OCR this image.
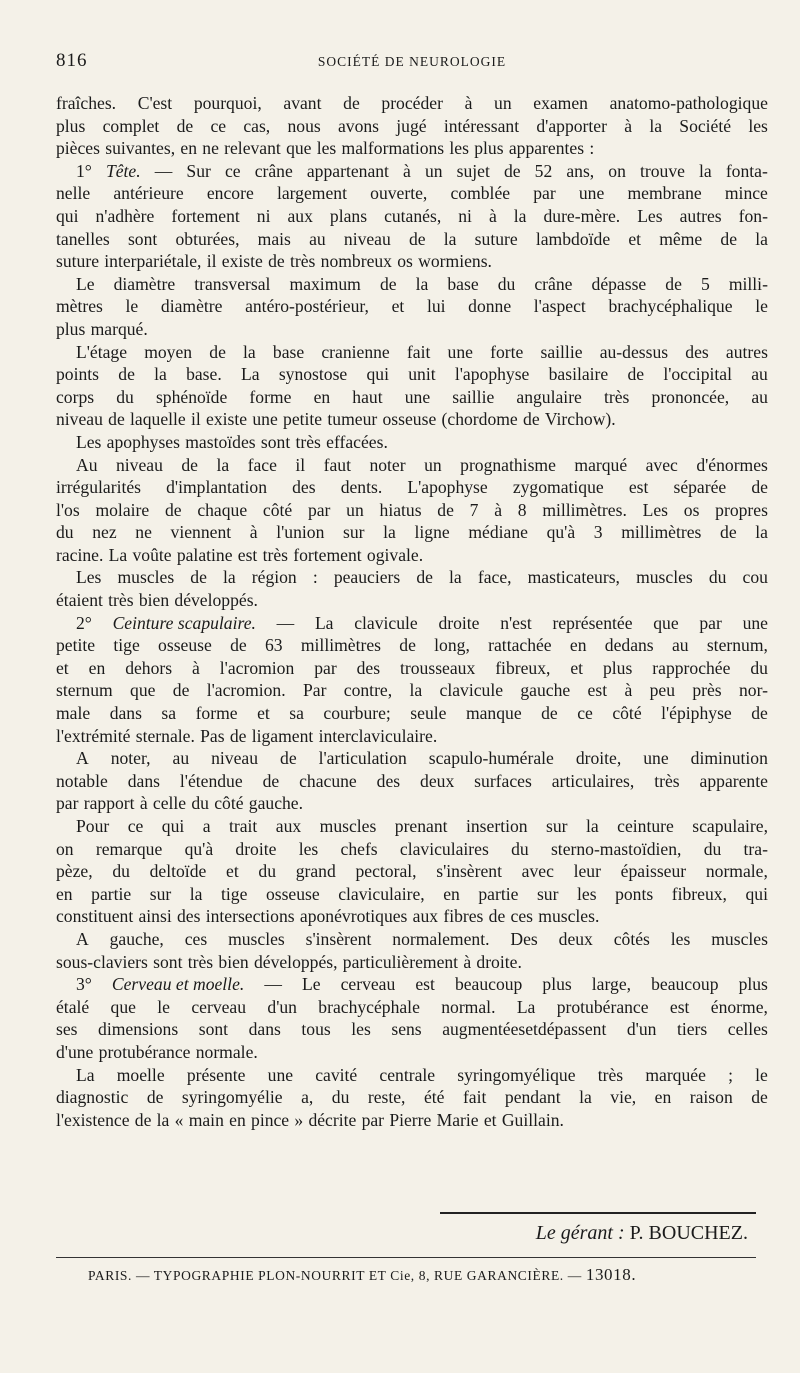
816	SOCIÉTÉ DE NEUROLOGIE
fraîches. C'est pourquoi, avant de procéder à un examen anatomo-pathologique
plus complet de ce cas, nous avons jugé intéressant d'apporter à la Société les
pièces suivantes, en ne relevant que les malformations les plus apparentes :
1° Tête. — Sur ce crâne appartenant à un sujet de 52 ans, on trouve la fonta-
nelle antérieure encore largement ouverte, comblée par une membrane mince
qui n'adhère fortement ni aux plans cutanés, ni à la dure-mère. Les autres fon-
tanelles sont obturées, mais au niveau de la suture lambdoïde et même de la
suture interpariétale, il existe de très nombreux os wormiens.
Le diamètre transversal maximum de la base du crâne dépasse de 5 milli-
mètres le diamètre antéro-postérieur, et lui donne l'aspect brachycéphalique le
plus marqué.
L'étage moyen de la base cranienne fait une forte saillie au-dessus des autres
points de la base. La synostose qui unit l'apophyse basilaire de l'occipital au
corps du sphénoïde forme en haut une saillie angulaire très prononcée, au
niveau de laquelle il existe une petite tumeur osseuse (chordome de Virchow).
Les apophyses mastoïdes sont très effacées.
Au niveau de la face il faut noter un prognathisme marqué avec d'énormes
irrégularités d'implantation des dents. L'apophyse zygomatique est séparée de
l'os molaire de chaque côté par un hiatus de 7 à 8 millimètres. Les os propres
du nez ne viennent à l'union sur la ligne médiane qu'à 3 millimètres de la
racine. La voûte palatine est très fortement ogivale.
Les muscles de la région : peauciers de la face, masticateurs, muscles du cou
étaient très bien développés.
2° Ceinture scapulaire. — La clavicule droite n'est représentée que par une
petite tige osseuse de 63 millimètres de long, rattachée en dedans au sternum,
et en dehors à l'acromion par des trousseaux fibreux, et plus rapprochée du
sternum que de l'acromion. Par contre, la clavicule gauche est à peu près nor-
male dans sa forme et sa courbure; seule manque de ce côté l'épiphyse de
l'extrémité sternale. Pas de ligament interclaviculaire.
A noter, au niveau de l'articulation scapulo-humérale droite, une diminution
notable dans l'étendue de chacune des deux surfaces articulaires, très apparente
par rapport à celle du côté gauche.
Pour ce qui a trait aux muscles prenant insertion sur la ceinture scapulaire,
on remarque qu'à droite les chefs claviculaires du sterno-mastoïdien, du tra-
pèze, du deltoïde et du grand pectoral, s'insèrent avec leur épaisseur normale,
en partie sur la tige osseuse claviculaire, en partie sur les ponts fibreux, qui
constituent ainsi des intersections aponévrotiques aux fibres de ces muscles.
A gauche, ces muscles s'insèrent normalement. Des deux côtés les muscles
sous-claviers sont très bien développés, particulièrement à droite.
3° Cerveau et moelle. — Le cerveau est beaucoup plus large, beaucoup plus
étalé que le cerveau d'un brachycéphale normal. La protubérance est énorme,
ses dimensions sont dans tous les sens augmentéesetdépassent d'un tiers celles
d'une protubérance normale.
La moelle présente une cavité centrale syringomyélique très marquée ; le
diagnostic de syringomyélie a, du reste, été fait pendant la vie, en raison de
l'existence de la « main en pince » décrite par Pierre Marie et Guillain.
Le gérant : P. BOUCHEZ.
PARIS. — TYPOGRAPHIE PLON-NOURRIT ET Cie, 8, RUE GARANCIÈRE. — 13018.
